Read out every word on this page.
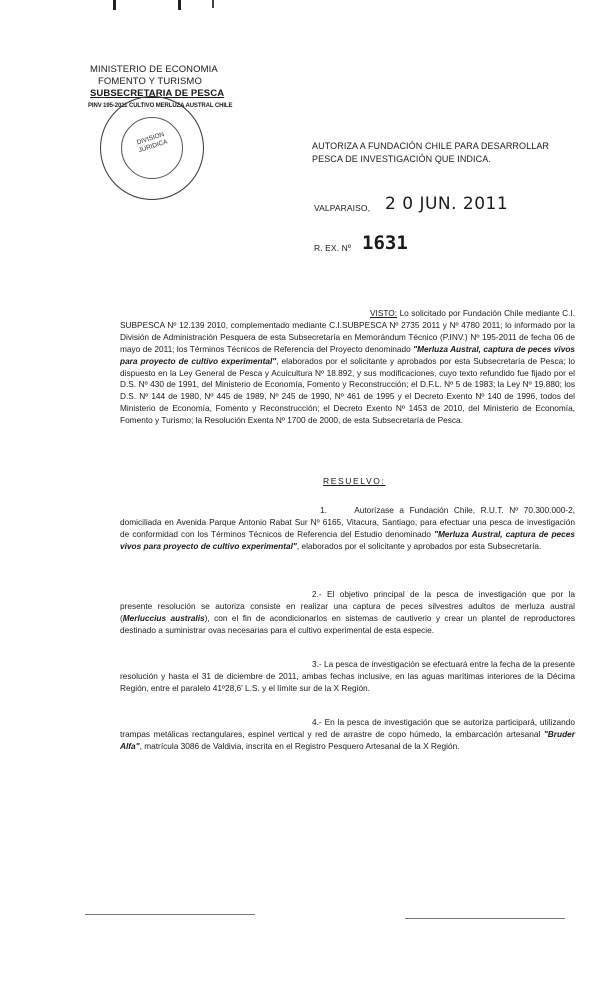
MINISTERIO DE ECONOMIA
FOMENTO Y TURISMO
SUBSECRETARIA DE PESCA
PINV 195-2011 CULTIVO MERLUZA AUSTRAL CHILE
DIVISION JURIDICA	AUTORIZA A FUNDACIÓN CHILE PARA DESARROLLAR
PESCA DE INVESTIGACIÓN QUE INDICA.
VALPARAISO, 2 0 JUN. 2011
R. EX. Nº 1631
VISTO: Lo solicitado por Fundación Chile mediante C.I. SUBPESCA Nº 12.139 2010, complementado mediante C.I.SUBPESCA Nº 2735 2011 y Nº 4780 2011; lo informado por la División de Administración Pesquera de esta Subsecretaría en Memorándum Técnico (P.INV.) Nº 195-2011 de fecha 06 de mayo de 2011; los Términos Técnicos de Referencia del Proyecto denominado "Merluza Austral, captura de peces vivos para proyecto de cultivo experimental", elaborados por el solicitante y aprobados por esta Subsecretaría de Pesca; lo dispuesto en la Ley General de Pesca y Acuicultura Nº 18.892, y sus modificaciones, cuyo texto refundido fue fijado por el D.S. Nº 430 de 1991, del Ministerio de Economía, Fomento y Reconstrucción; el D.F.L. Nº 5 de 1983; la Ley Nº 19.880; los D.S. Nº 144 de 1980, Nº 445 de 1989, Nº 245 de 1990, Nº 461 de 1995 y el Decreto Exento Nº 140 de 1996, todos del Ministerio de Economía, Fomento y Reconstrucción; el Decreto Exento Nº 1453 de 2010, del Ministerio de Economía, Fomento y Turismo; la Resolución Exenta Nº 1700 de 2000, de esta Subsecretaría de Pesca.
RESUELVO:
1.	Autorízase a Fundación Chile, R.U.T. Nº 70.300.000-2, domiciliada en Avenida Parque Antonio Rabat Sur Nº 6165, Vitacura, Santiago, para efectuar una pesca de investigación de conformidad con los Términos Técnicos de Referencia del Estudio denominado "Merluza Austral, captura de peces vivos para proyecto de cultivo experimental", elaborados por el solicitante y aprobados por esta Subsecretaría.
2.- El objetivo principal de la pesca de investigación que por la presente resolución se autoriza consiste en realizar una captura de peces silvestres adultos de merluza austral (Merluccius australis), con el fin de acondicionarlos en sistemas de cautiverio y crear un plantel de reproductores destinado a suministrar ovas necesarias para el cultivo experimental de esta especie.
3.- La pesca de investigación se efectuará entre la fecha de la presente resolución y hasta el 31 de diciembre de 2011, ambas fechas inclusive, en las aguas marítimas interiores de la Décima Región, entre el paralelo 41º28,6' L.S. y el límite sur de la X Región.
4.- En la pesca de investigación que se autoriza participará, utilizando trampas metálicas rectangulares, espinel vertical y red de arrastre de copo húmedo, la embarcación artesanal "Bruder Alfa", matrícula 3086 de Valdivia, inscrita en el Registro Pesquero Artesanal de la X Región.
